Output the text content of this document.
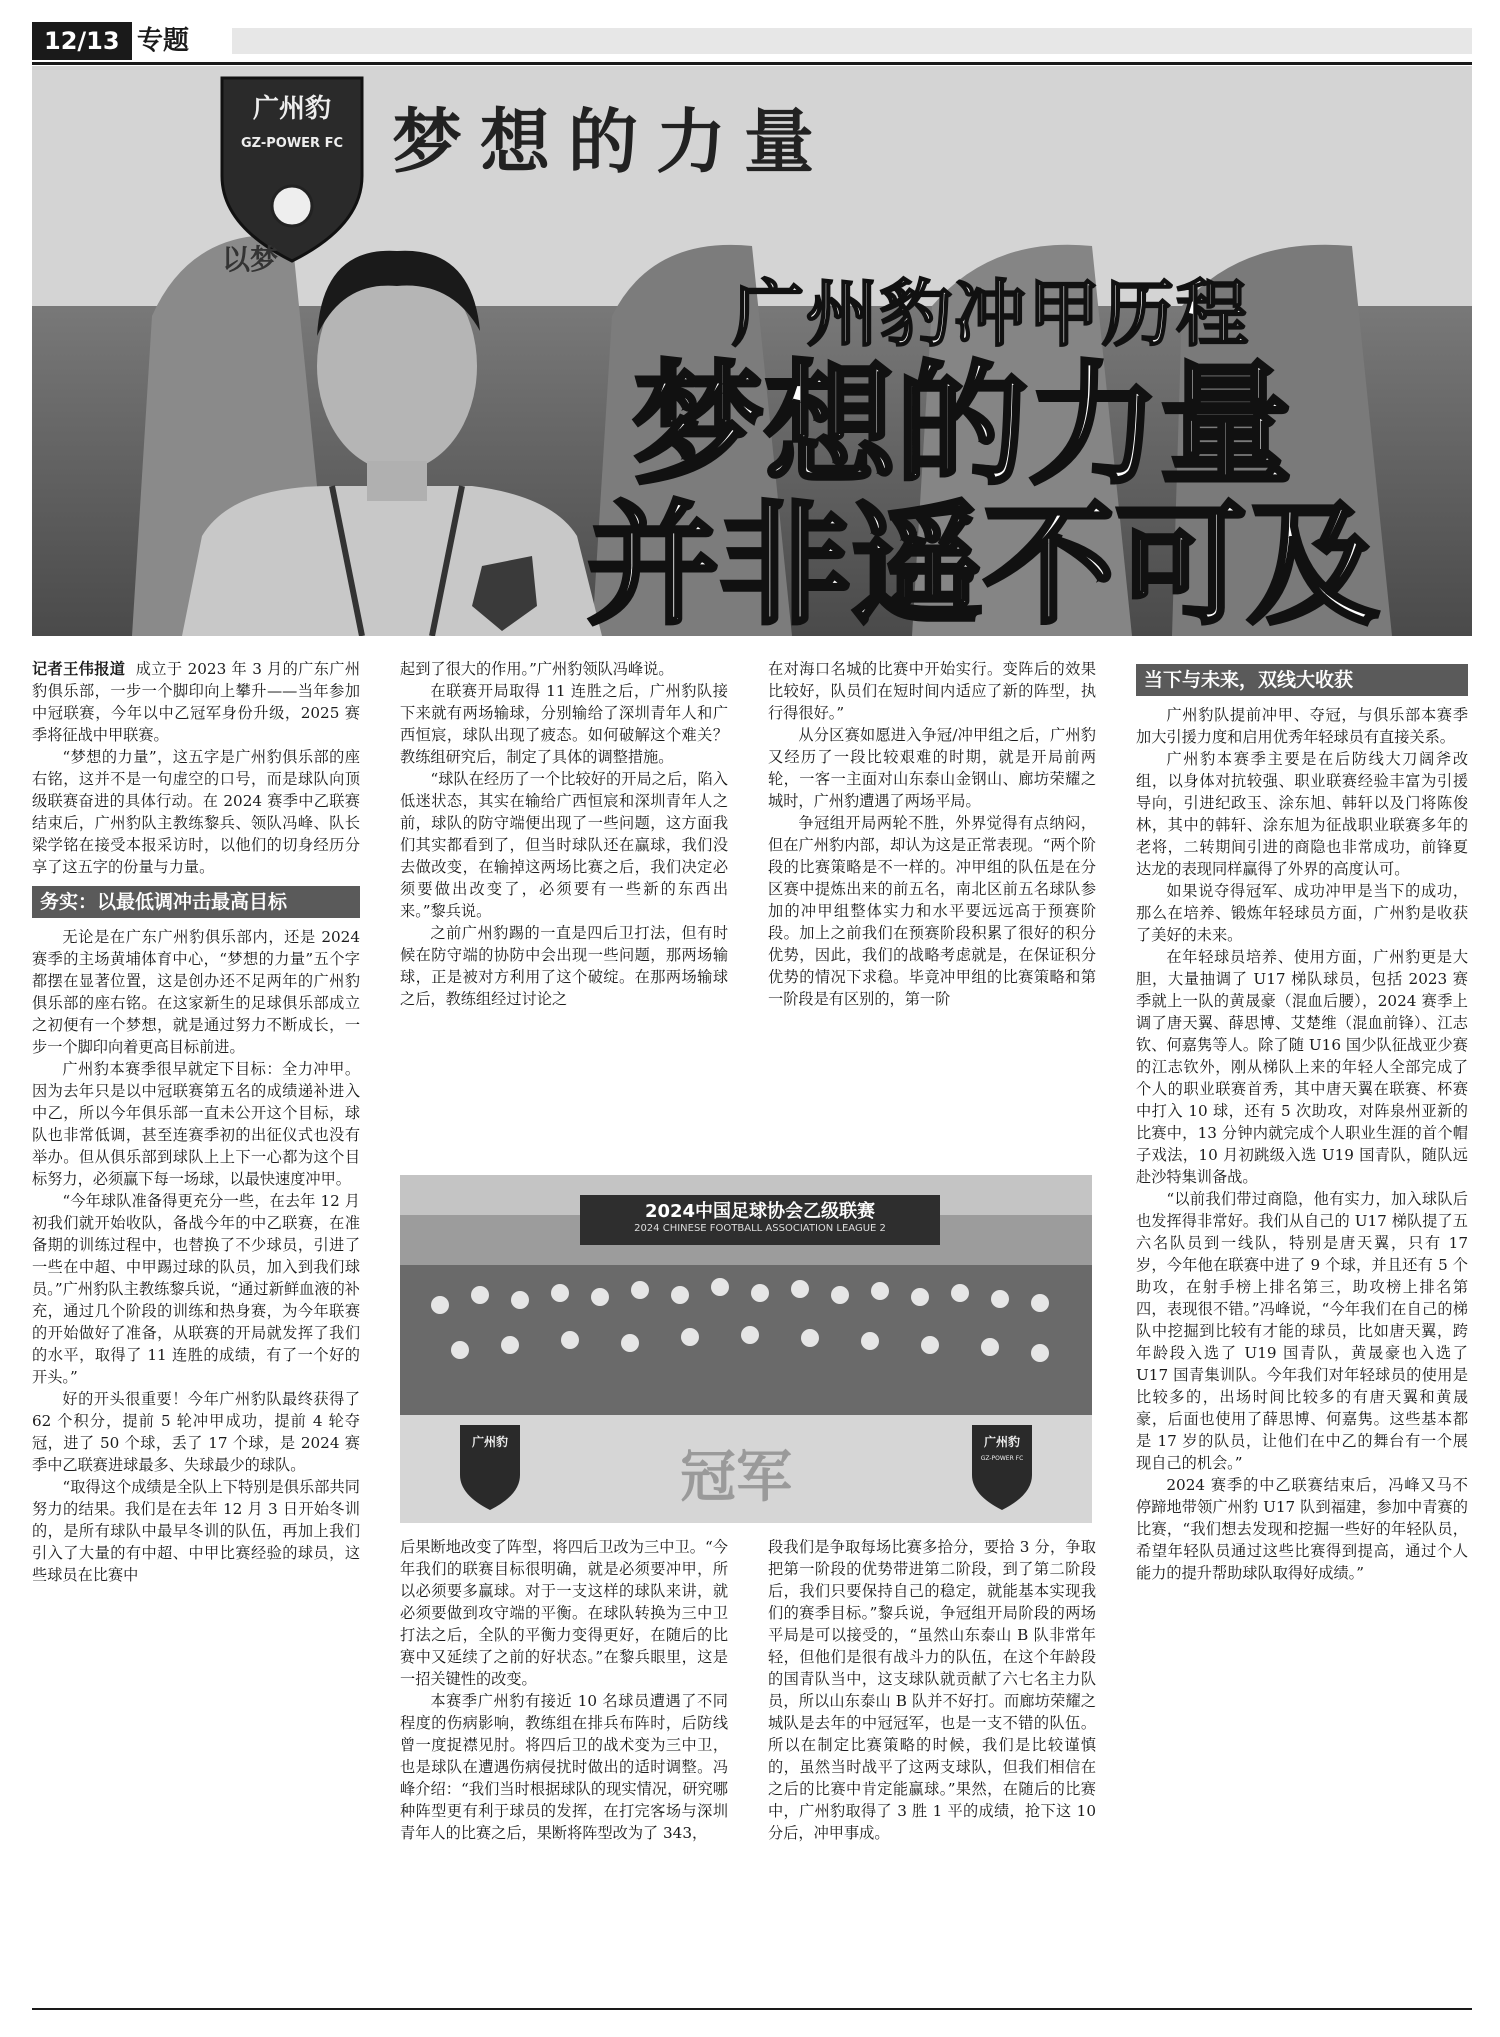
12/13 专题
梦想的力量
广州豹
GZ-POWER FC
以梦
广州豹冲甲历程
梦想的力量
并非遥不可及

记者王伟报道 成立于 2023 年 3 月的广东广州豹俱乐部，一步一个脚印向上攀升——当年参加中冠联赛，今年以中乙冠军身份升级，2025 赛季将征战中甲联赛。

“梦想的力量”，这五字是广州豹俱乐部的座右铭，这并不是一句虚空的口号，而是球队向顶级联赛奋进的具体行动。在 2024 赛季中乙联赛结束后，广州豹队主教练黎兵、领队冯峰、队长梁学铭在接受本报采访时，以他们的切身经历分享了这五字的份量与力量。

务实：以最低调冲击最高目标

无论是在广东广州豹俱乐部内，还是 2024 赛季的主场黄埔体育中心，“梦想的力量”五个字都摆在显著位置，这是创办还不足两年的广州豹俱乐部的座右铭。在这家新生的足球俱乐部成立之初便有一个梦想，就是通过努力不断成长，一步一个脚印向着更高目标前进。

广州豹本赛季很早就定下目标：全力冲甲。因为去年只是以中冠联赛第五名的成绩递补进入中乙，所以今年俱乐部一直未公开这个目标，球队也非常低调，甚至连赛季初的出征仪式也没有举办。但从俱乐部到球队上上下一心都为这个目标努力，必须赢下每一场球，以最快速度冲甲。

“今年球队准备得更充分一些，在去年 12 月初我们就开始收队，备战今年的中乙联赛，在准备期的训练过程中，也替换了不少球员，引进了一些在中超、中甲踢过球的队员，加入到我们球员。”广州豹队主教练黎兵说，“通过新鲜血液的补充，通过几个阶段的训练和热身赛，为今年联赛的开始做好了准备，从联赛的开局就发挥了我们的水平，取得了 11 连胜的成绩，有了一个好的开头。”

好的开头很重要！今年广州豹队最终获得了 62 个积分，提前 5 轮冲甲成功，提前 4 轮夺冠，进了 50 个球，丢了 17 个球，是 2024 赛季中乙联赛进球最多、失球最少的球队。

“取得这个成绩是全队上下特别是俱乐部共同努力的结果。我们是在去年 12 月 3 日开始冬训的，是所有球队中最早冬训的队伍，再加上我们引入了大量的有中超、中甲比赛经验的球员，这些球员在比赛中

起到了很大的作用。”广州豹领队冯峰说。

在联赛开局取得 11 连胜之后，广州豹队接下来就有两场输球，分别输给了深圳青年人和广西恒宸，球队出现了疲态。如何破解这个难关？教练组研究后，制定了具体的调整措施。

“球队在经历了一个比较好的开局之后，陷入低迷状态，其实在输给广西恒宸和深圳青年人之前，球队的防守端便出现了一些问题，这方面我们其实都看到了，但当时球队还在赢球，我们没去做改变，在输掉这两场比赛之后，我们决定必须要做出改变了，必须要有一些新的东西出来。”黎兵说。

之前广州豹踢的一直是四后卫打法，但有时候在防守端的协防中会出现一些问题，那两场输球，正是被对方利用了这个破绽。在那两场输球之后，教练组经过讨论之

在对海口名城的比赛中开始实行。变阵后的效果比较好，队员们在短时间内适应了新的阵型，执行得很好。”

从分区赛如愿进入争冠/冲甲组之后，广州豹又经历了一段比较艰难的时期，就是开局前两轮，一客一主面对山东泰山金钢山、廊坊荣耀之城时，广州豹遭遇了两场平局。

争冠组开局两轮不胜，外界觉得有点纳闷，但在广州豹内部，却认为这是正常表现。“两个阶段的比赛策略是不一样的。冲甲组的队伍是在分区赛中提炼出来的前五名，南北区前五名球队参加的冲甲组整体实力和水平要远远高于预赛阶段。加上之前我们在预赛阶段积累了很好的积分优势，因此，我们的战略考虑就是，在保证积分优势的情况下求稳。毕竟冲甲组的比赛策略和第一阶段是有区别的，第一阶

2024中国足球协会乙级联赛
2024 CHINESE FOOTBALL ASSOCIATION LEAGUE 2
冠军
广州豹	广州豹
GZ-POWER FC

后果断地改变了阵型，将四后卫改为三中卫。“今年我们的联赛目标很明确，就是必须要冲甲，所以必须要多赢球。对于一支这样的球队来讲，就必须要做到攻守端的平衡。在球队转换为三中卫打法之后，全队的平衡力变得更好，在随后的比赛中又延续了之前的好状态。”在黎兵眼里，这是一招关键性的改变。

本赛季广州豹有接近 10 名球员遭遇了不同程度的伤病影响，教练组在排兵布阵时，后防线曾一度捉襟见肘。将四后卫的战术变为三中卫，也是球队在遭遇伤病侵扰时做出的适时调整。冯峰介绍：“我们当时根据球队的现实情况，研究哪种阵型更有利于球员的发挥，在打完客场与深圳青年人的比赛之后，果断将阵型改为了 343，

段我们是争取每场比赛多拾分，要拾 3 分，争取把第一阶段的优势带进第二阶段，到了第二阶段后，我们只要保持自己的稳定，就能基本实现我们的赛季目标。”黎兵说，争冠组开局阶段的两场平局是可以接受的，“虽然山东泰山 B 队非常年轻，但他们是很有战斗力的队伍，在这个年龄段的国青队当中，这支球队就贡献了六七名主力队员，所以山东泰山 B 队并不好打。而廊坊荣耀之城队是去年的中冠冠军，也是一支不错的队伍。所以在制定比赛策略的时候，我们是比较谨慎的，虽然当时战平了这两支球队，但我们相信在之后的比赛中肯定能赢球。”果然，在随后的比赛中，广州豹取得了 3 胜 1 平的成绩，抢下这 10 分后，冲甲事成。

当下与未来，双线大收获

广州豹队提前冲甲、夺冠，与俱乐部本赛季加大引援力度和启用优秀年轻球员有直接关系。

广州豹本赛季主要是在后防线大刀阔斧改组，以身体对抗较强、职业联赛经验丰富为引援导向，引进纪政玉、涂东旭、韩轩以及门将陈俊林，其中的韩轩、涂东旭为征战职业联赛多年的老将，二转期间引进的商隐也非常成功，前锋夏达龙的表现同样赢得了外界的高度认可。

如果说夺得冠军、成功冲甲是当下的成功，那么在培养、锻炼年轻球员方面，广州豹是收获了美好的未来。

在年轻球员培养、使用方面，广州豹更是大胆，大量抽调了 U17 梯队球员，包括 2023 赛季就上一队的黄晟豪（混血后腰），2024 赛季上调了唐天翼、薛思博、艾楚维（混血前锋）、江志钦、何嘉隽等人。除了随 U16 国少队征战亚少赛的江志钦外，刚从梯队上来的年轻人全部完成了个人的职业联赛首秀，其中唐天翼在联赛、杯赛中打入 10 球，还有 5 次助攻，对阵泉州亚新的比赛中，13 分钟内就完成个人职业生涯的首个帽子戏法，10 月初跳级入选 U19 国青队，随队远赴沙特集训备战。

“以前我们带过商隐，他有实力，加入球队后也发挥得非常好。我们从自己的 U17 梯队提了五六名队员到一线队，特别是唐天翼，只有 17 岁，今年他在联赛中进了 9 个球，并且还有 5 个助攻，在射手榜上排名第三，助攻榜上排名第四，表现很不错。”冯峰说，“今年我们在自己的梯队中挖掘到比较有才能的球员，比如唐天翼，跨年龄段入选了 U19 国青队，黄晟豪也入选了 U17 国青集训队。今年我们对年轻球员的使用是比较多的，出场时间比较多的有唐天翼和黄晟豪，后面也使用了薛思博、何嘉隽。这些基本都是 17 岁的队员，让他们在中乙的舞台有一个展现自己的机会。”

2024 赛季的中乙联赛结束后，冯峰又马不停蹄地带领广州豹 U17 队到福建，参加中青赛的比赛，“我们想去发现和挖掘一些好的年轻队员，希望年轻队员通过这些比赛得到提高，通过个人能力的提升帮助球队取得好成绩。”
